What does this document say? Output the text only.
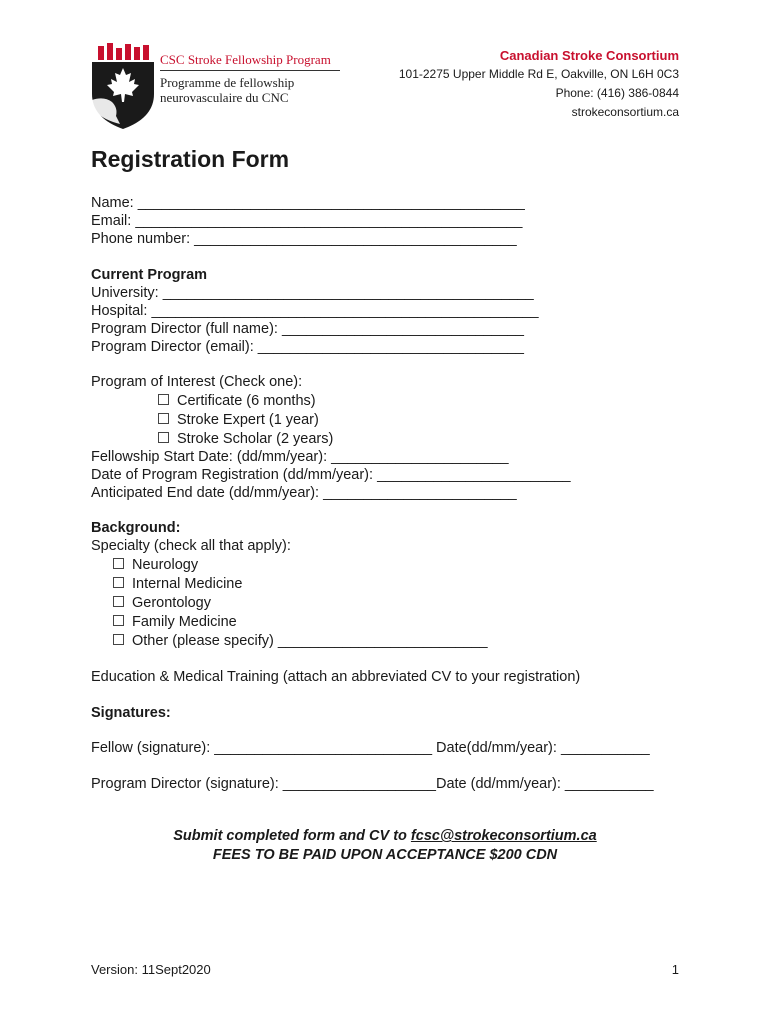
CSC Stroke Fellowship Program
Programme de fellowship
neurovasculaire du CNC
Canadian Stroke Consortium
101-2275 Upper Middle Rd E, Oakville, ON L6H 0C3
Phone: (416) 386-0844
strokeconsortium.ca
Registration Form
Name: ________________________________________________
Email: ________________________________________________
Phone number: ________________________________________
Current Program
University: ______________________________________________
Hospital: ________________________________________________
Program Director (full name): ______________________________
Program Director (email): _________________________________
Program of Interest (Check one):
Certificate (6 months)
Stroke Expert (1 year)
Stroke Scholar (2 years)
Fellowship Start Date: (dd/mm/year): ______________________
Date of Program Registration (dd/mm/year): ________________________
Anticipated End date (dd/mm/year): ________________________
Background:
Specialty (check all that apply):
Neurology
Internal Medicine
Gerontology
Family Medicine
Other (please specify) __________________________
Education & Medical Training (attach an abbreviated CV to your registration)
Signatures:
Fellow (signature): ___________________________ Date(dd/mm/year): ___________
Program Director (signature): ___________________Date (dd/mm/year): ___________
Submit completed form and CV to fcsc@strokeconsortium.ca
FEES TO BE PAID UPON ACCEPTANCE $200 CDN
Version: 11Sept2020	1
